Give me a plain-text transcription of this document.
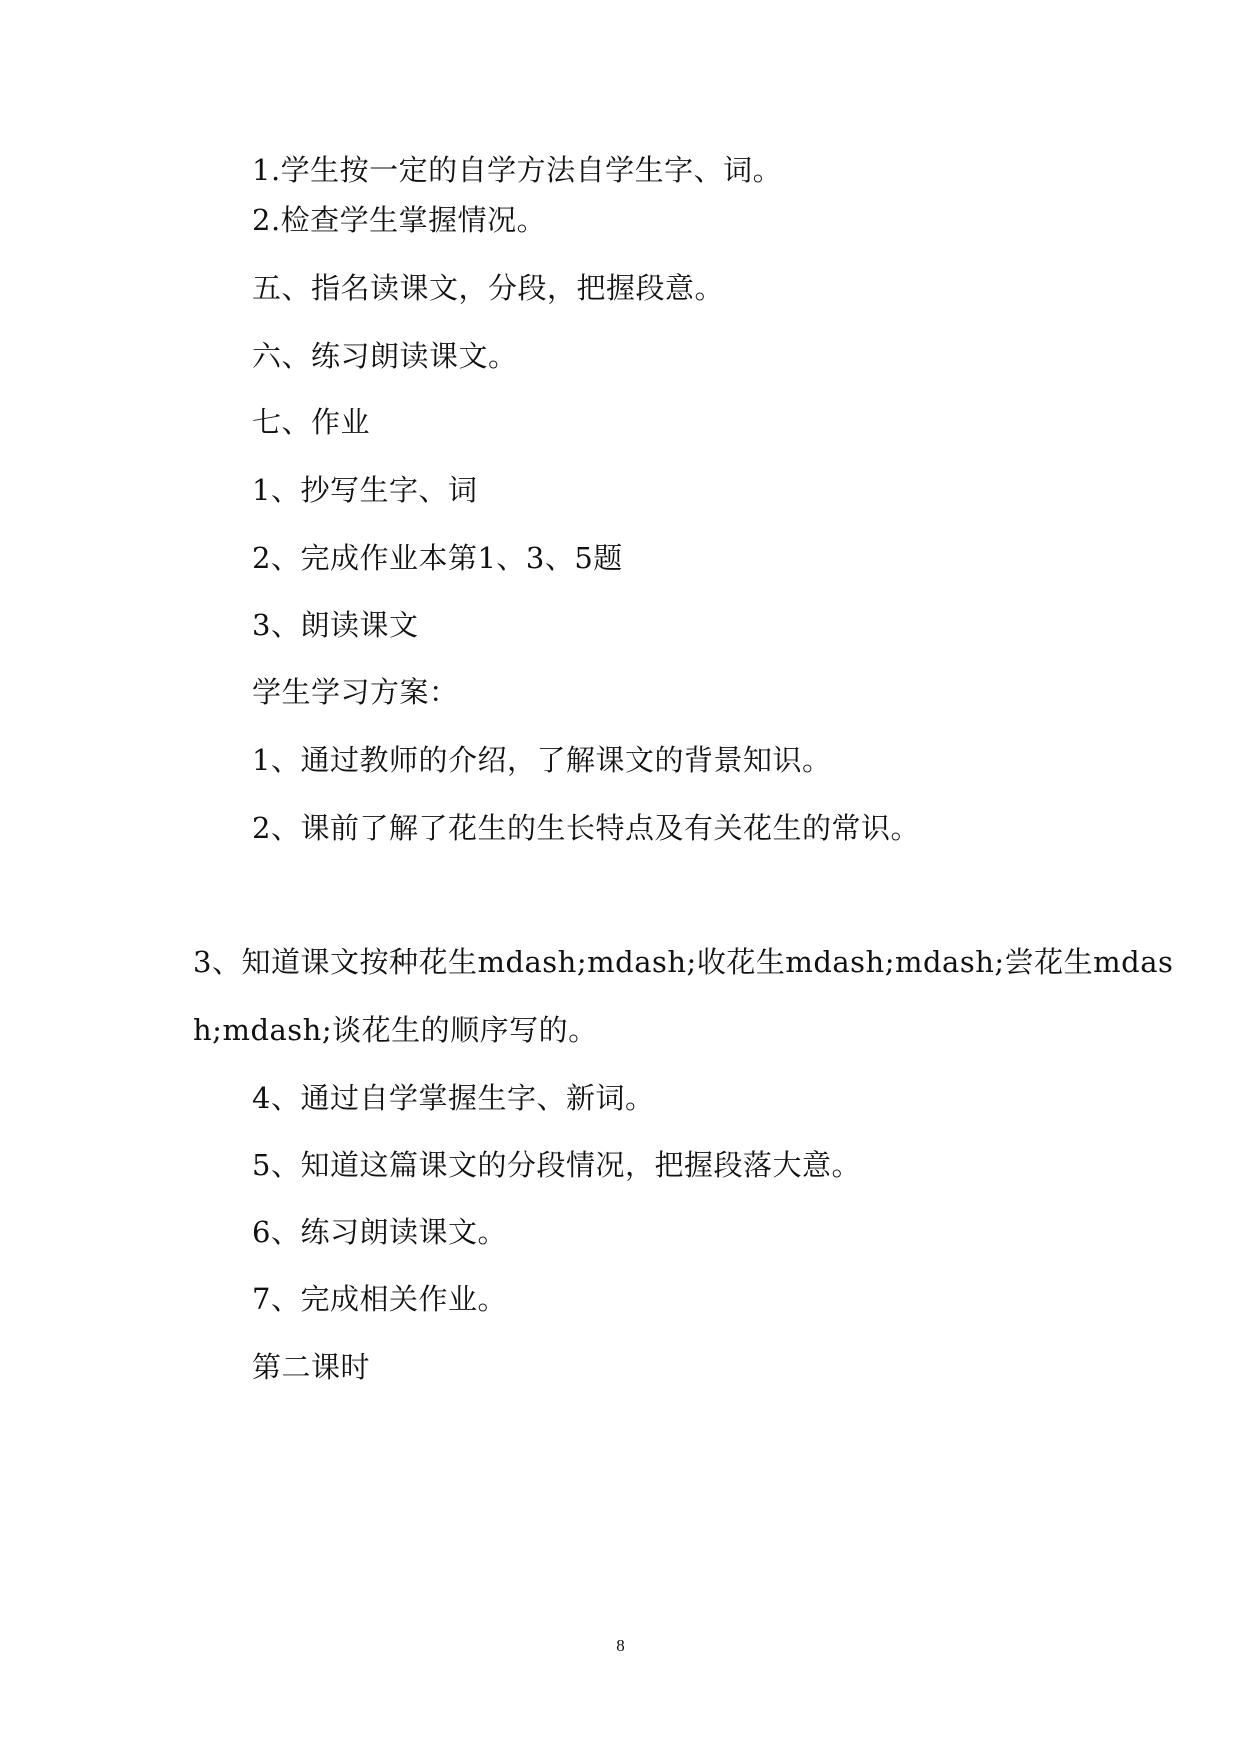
1.学生按一定的自学方法自学生字、词。

2.检查学生掌握情况。

五、指名读课文，分段，把握段意。

六、练习朗读课文。

七、作业

1、抄写生字、词

2、完成作业本第1、3、5题

3、朗读课文

学生学习方案：

1、通过教师的介绍，了解课文的背景知识。

2、课前了解了花生的生长特点及有关花生的常识。

3、知道课文按种花生mdash;mdash;收花生mdash;mdash;尝花生mdas

h;mdash;谈花生的顺序写的。

4、通过自学掌握生字、新词。

5、知道这篇课文的分段情况，把握段落大意。

6、练习朗读课文。

7、完成相关作业。

第二课时

8
